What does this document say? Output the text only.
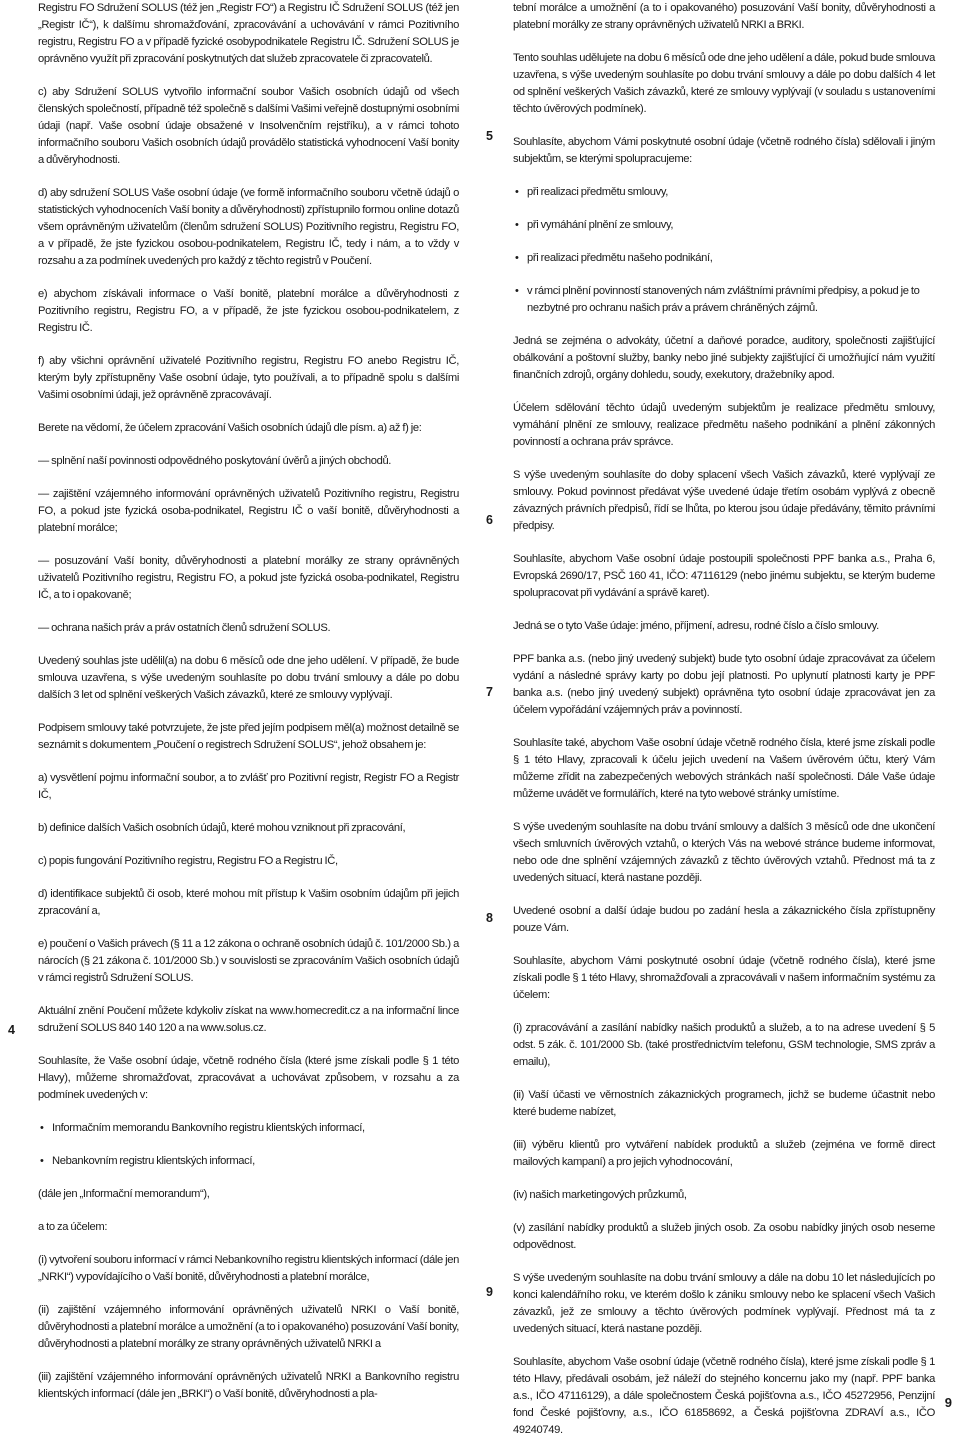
Registru FO Sdružení SOLUS (též jen „Registr FO“) a Registru IČ Sdružení SOLUS (též jen „Registr IČ“), k dalšímu shromažďování, zpracovávání a uchovávání v rámci Pozitivního registru, Registru FO a v případě fyzické osobypodnikatele Registru IČ. Sdružení SOLUS je oprávněno využít při zpracování poskytnutých dat služeb zpracovatele či zpracovatelů.

c) aby Sdružení SOLUS vytvořilo informační soubor Vašich osobních údajů od všech členských společností, případně též společně s dalšími Vašimi veřejně dostupnými osobními údaji (např. Vaše osobní údaje obsažené v Insolvenčním rejstříku), a v rámci tohoto informačního souboru Vašich osobních údajů provádělo statistická vyhodnocení Vaší bonity a důvěryhodnosti.

d) aby sdružení SOLUS Vaše osobní údaje (ve formě informačního souboru včetně údajů o statistických vyhodnoceních Vaší bonity a důvěryhodnosti) zpřístupnilo formou online dotazů všem oprávněným uživatelům (členům sdružení SOLUS) Pozitivního registru, Registru FO, a v případě, že jste fyzickou osobou-podnikatelem, Registru IČ, tedy i nám, a to vždy v rozsahu a za podmínek uvedených pro každý z těchto registrů v Poučení.

e) abychom získávali informace o Vaší bonitě, platební morálce a důvěryhodnosti z Pozitivního registru, Registru FO, a v případě, že jste fyzickou osobou-podnikatelem, z Registru IČ.

f) aby všichni oprávnění uživatelé Pozitivního registru, Registru FO anebo Registru IČ, kterým byly zpřístupněny Vaše osobní údaje, tyto používali, a to případně spolu s dalšími Vašimi osobními údaji, jež oprávněně zpracovávají.

Berete na vědomí, že účelem zpracování Vašich osobních údajů dle písm. a) až f) je:

— splnění naší povinnosti odpovědného poskytování úvěrů a jiných obchodů.

— zajištění vzájemného informování oprávněných uživatelů Pozitivního registru, Registru FO, a pokud jste fyzická osoba-podnikatel, Registru IČ o vaší bonitě, důvěryhodnosti a platební morálce;

— posuzování Vaší bonity, důvěryhodnosti a platební morálky ze strany oprávněných uživatelů Pozitivního registru, Registru FO, a pokud jste fyzická osoba-podnikatel, Registru IČ, a to i opakovaně;

— ochrana našich práv a práv ostatních členů sdružení SOLUS.

Uvedený souhlas jste udělil(a) na dobu 6 měsíců ode dne jeho udělení. V případě, že bude smlouva uzavřena, s výše uvedeným souhlasíte po dobu trvání smlouvy a dále po dobu dalších 3 let od splnění veškerých Vašich závazků, které ze smlouvy vyplývají.

Podpisem smlouvy také potvrzujete, že jste před jejím podpisem měl(a) možnost detailně se seznámit s dokumentem „Poučení o registrech Sdružení SOLUS“, jehož obsahem je:

a) vysvětlení pojmu informační soubor, a to zvlášť pro Pozitivní registr, Registr FO a Registr IČ,

b) definice dalších Vašich osobních údajů, které mohou vzniknout při zpracování,

c) popis fungování Pozitivního registru, Registru FO a Registru IČ,

d) identifikace subjektů či osob, které mohou mít přístup k Vašim osobním údajům při jejich zpracování a,

e) poučení o Vašich právech (§ 11 a 12 zákona o ochraně osobních údajů č. 101/2000 Sb.) a nárocích (§ 21 zákona č. 101/2000 Sb.) v souvislosti se zpracováním Vašich osobních údajů v rámci registrů Sdružení SOLUS.

Aktuální znění Poučení můžete kdykoliv získat na www.homecredit.cz a na informační lince sdružení SOLUS 840 140 120 a na www.solus.cz.

Souhlasíte, že Vaše osobní údaje, včetně rodného čísla (které jsme získali podle § 1 této Hlavy), můžeme shromažďovat, zpracovávat a uchovávat způsobem, v rozsahu a za podmínek uvedených v:

• Informačním memorandu Bankovního registru klientských informací,
• Nebankovním registru klientských informací,

(dále jen „Informační memorandum“),

a to za účelem:

(i) vytvoření souboru informací v rámci Nebankovního registru klientských informací (dále jen „NRKI“) vypovídajícího o Vaší bonitě, důvěryhodnosti a platební morálce,

(ii) zajištění vzájemného informování oprávněných uživatelů NRKI o Vaší bonitě, důvěryhodnosti a platební morálce a umožnění (a to i opakovaného) posuzování Vaší bonity, důvěryhodnosti a platební morálky ze strany oprávněných uživatelů NRKI a

(iii) zajištění vzájemného informování oprávněných uživatelů NRKI a Bankovního registru klientských informací (dále jen „BRKI“) o Vaší bonitě, důvěryhodnosti a pla-

4

tební morálce a umožnění (a to i opakovaného) posuzování Vaší bonity, důvěryhodnosti a platební morálky ze strany oprávněných uživatelů NRKI a BRKI.

Tento souhlas udělujete na dobu 6 měsíců ode dne jeho udělení a dále, pokud bude smlouva uzavřena, s výše uvedeným souhlasíte po dobu trvání smlouvy a dále po dobu dalších 4 let od splnění veškerých Vašich závazků, které ze smlouvy vyplývají (v souladu s ustanoveními těchto úvěrových podmínek).

Souhlasíte, abychom Vámi poskytnuté osobní údaje (včetně rodného čísla) sdělovali i jiným subjektům, se kterými spolupracujeme:

• při realizaci předmětu smlouvy,
• při vymáhání plnění ze smlouvy,
• při realizaci předmětu našeho podnikání,
• v rámci plnění povinností stanovených nám zvláštními právními předpisy, a pokud je to nezbytné pro ochranu našich práv a právem chráněných zájmů.

Jedná se zejména o advokáty, účetní a daňové poradce, auditory, společnosti zajišťující obálkování a poštovní služby, banky nebo jiné subjekty zajišťující či umožňující nám využití finančních zdrojů, orgány dohledu, soudy, exekutory, dražebníky apod.

Účelem sdělování těchto údajů uvedeným subjektům je realizace předmětu smlouvy, vymáhání plnění ze smlouvy, realizace předmětu našeho podnikání a plnění zákonných povinností a ochrana práv správce.

S výše uvedeným souhlasíte do doby splacení všech Vašich závazků, které vyplývají ze smlouvy. Pokud povinnost předávat výše uvedené údaje třetím osobám vyplývá z obecně závazných právních předpisů, řídí se lhůta, po kterou jsou údaje předávány, těmito právními předpisy.

Souhlasíte, abychom Vaše osobní údaje postoupili společnosti PPF banka a.s., Praha 6, Evropská 2690/17, PSČ 160 41, IČO: 47116129 (nebo jinému subjektu, se kterým budeme spolupracovat při vydávání a správě karet).

Jedná se o tyto Vaše údaje: jméno, příjmení, adresu, rodné číslo a číslo smlouvy.

PPF banka a.s. (nebo jiný uvedený subjekt) bude tyto osobní údaje zpracovávat za účelem vydání a následné správy karty po dobu její platnosti. Po uplynutí platnosti karty je PPF banka a.s. (nebo jiný uvedený subjekt) oprávněna tyto osobní údaje zpracovávat jen za účelem vypořádání vzájemných práv a povinností.

Souhlasíte také, abychom Vaše osobní údaje včetně rodného čísla, které jsme získali podle § 1 této Hlavy, zpracovali k účelu jejich uvedení na Vašem úvěrovém účtu, který Vám můžeme zřídit na zabezpečených webových stránkách naší společnosti. Dále Vaše údaje můžeme uvádět ve formulářích, které na tyto webové stránky umístíme.

S výše uvedeným souhlasíte na dobu trvání smlouvy a dalších 3 měsíců ode dne ukončení všech smluvních úvěrových vztahů, o kterých Vás na webové stránce budeme informovat, nebo ode dne splnění vzájemných závazků z těchto úvěrových vztahů. Přednost má ta z uvedených situací, která nastane později.

Uvedené osobní a další údaje budou po zadání hesla a zákaznického čísla zpřístupněny pouze Vám.

Souhlasíte, abychom Vámi poskytnuté osobní údaje (včetně rodného čísla), které jsme získali podle § 1 této Hlavy, shromažďovali a zpracovávali v našem informačním systému za účelem:

(i) zpracovávání a zasílání nabídky našich produktů a služeb, a to na adrese uvedení § 5 odst. 5 zák. č. 101/2000 Sb. (také prostřednictvím telefonu, GSM technologie, SMS zpráv a emailu),

(ii) Vaší účasti ve věrnostních zákaznických programech, jichž se budeme účastnit nebo které budeme nabízet,

(iii) výběru klientů pro vytváření nabídek produktů a služeb (zejména ve formě direct mailových kampaní) a pro jejich vyhodnocování,

(iv) našich marketingových průzkumů,

(v) zasílání nabídky produktů a služeb jiných osob. Za osobu nabídky jiných osob neseme odpovědnost.

S výše uvedeným souhlasíte na dobu trvání smlouvy a dále na dobu 10 let následujících po konci kalendářního roku, ve kterém došlo k zániku smlouvy nebo ke splacení všech Vašich závazků, jež ze smlouvy a těchto úvěrových podmínek vyplývají. Přednost má ta z uvedených situací, která nastane později.

Souhlasíte, abychom Vaše osobní údaje (včetně rodného čísla), které jsme získali podle § 1 této Hlavy, předávali osobám, jež náleží do stejného koncernu jako my (např. PPF banka a.s., IČO 47116129), a dále společnostem Česká pojišťovna a.s., IČO 45272956, Penzijní fond České pojišťovny, a.s., IČO 61858692, a Česká pojišťovna ZDRAVÍ a.s., IČO 49240749.

5
6
7
8
9
9
